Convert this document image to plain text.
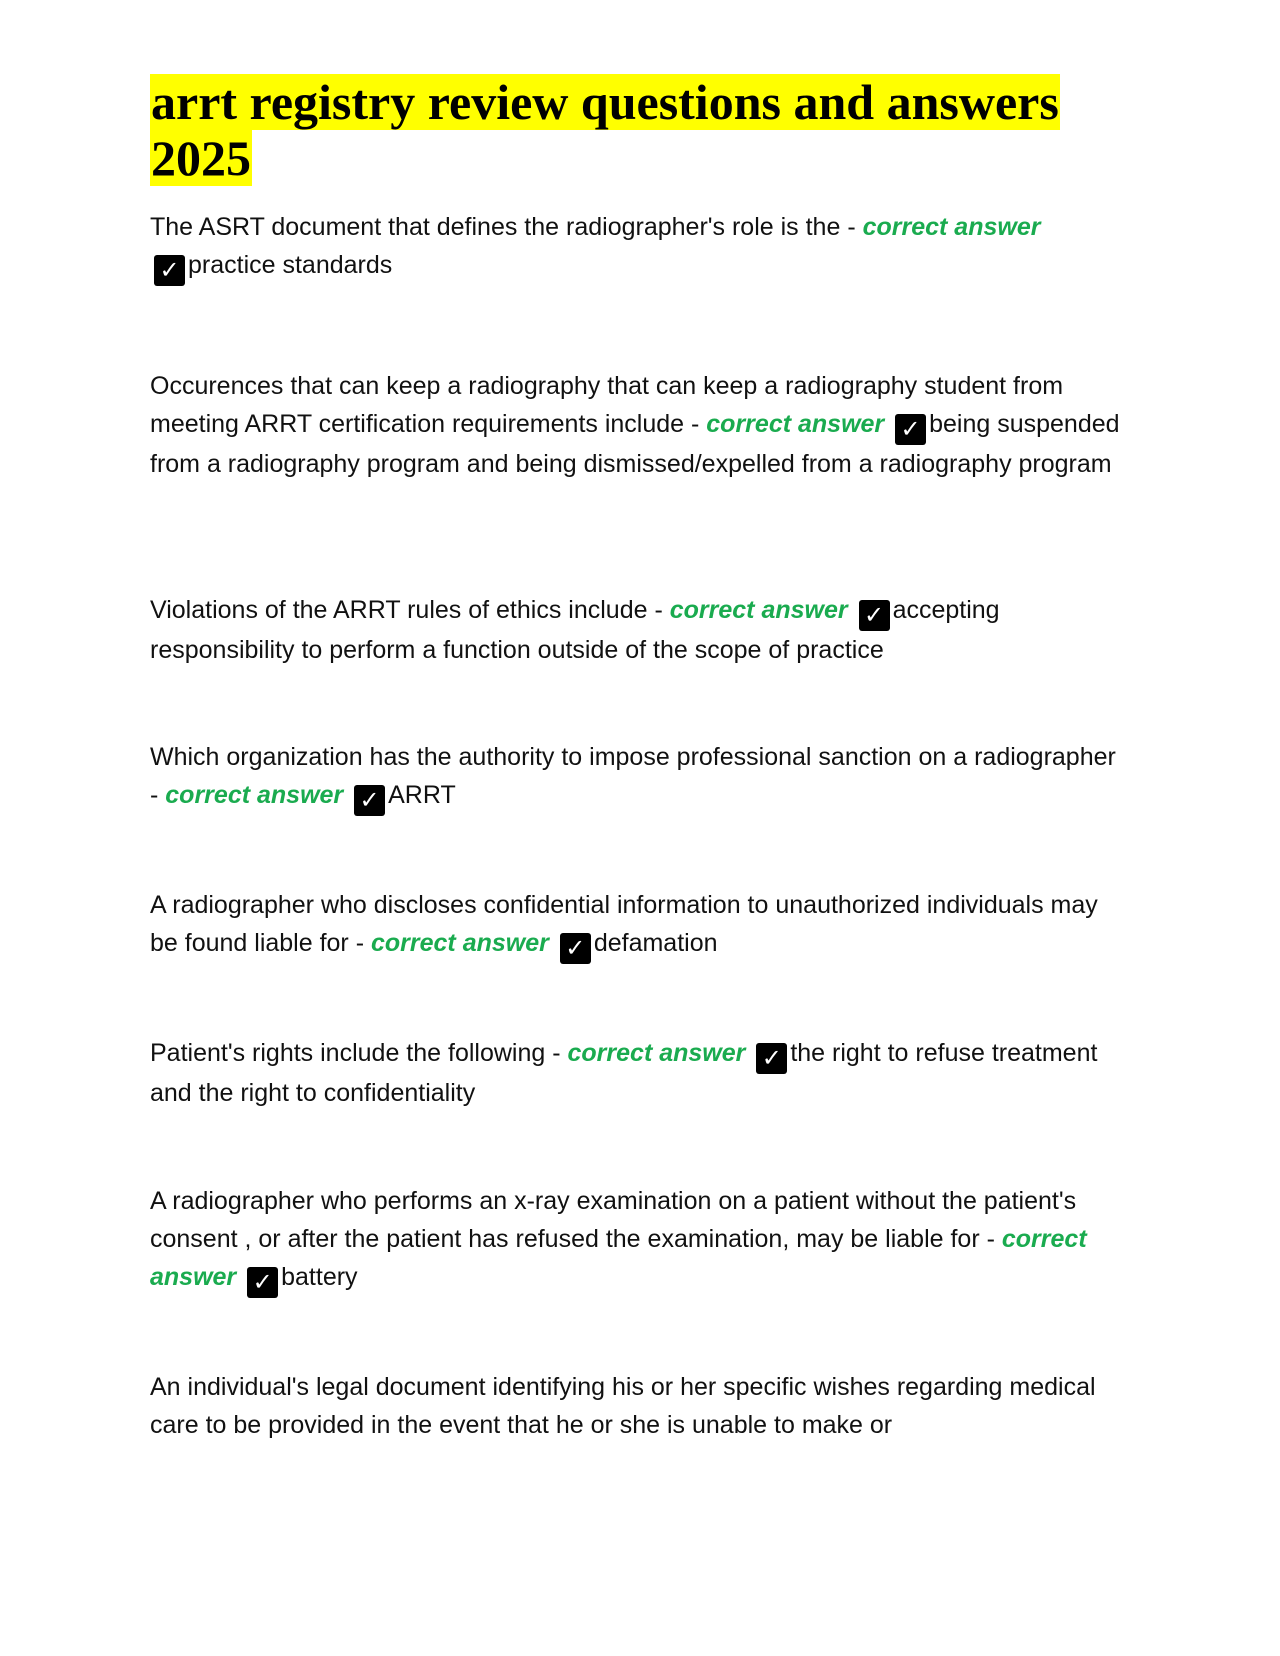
arrt registry review questions and answers 2025

The ASRT document that defines the radiographer's role is the - correct answer
✓ practice standards

Occurences that can keep a radiography that can keep a radiography student from meeting ARRT certification requirements include - correct answer ✓ being suspended from a radiography program and being dismissed/expelled from a radiography program

Violations of the ARRT rules of ethics include - correct answer ✓ accepting responsibility to perform a function outside of the scope of practice

Which organization has the authority to impose professional sanction on a radiographer - correct answer ✓ ARRT

A radiographer who discloses confidential information to unauthorized individuals may be found liable for - correct answer ✓ defamation

Patient's rights include the following - correct answer ✓ the right to refuse treatment and the right to confidentiality

A radiographer who performs an x-ray examination on a patient without the patient's consent , or after the patient has refused the examination, may be liable for - correct answer ✓ battery

An individual's legal document identifying his or her specific wishes regarding medical care to be provided in the event that he or she is unable to make or
